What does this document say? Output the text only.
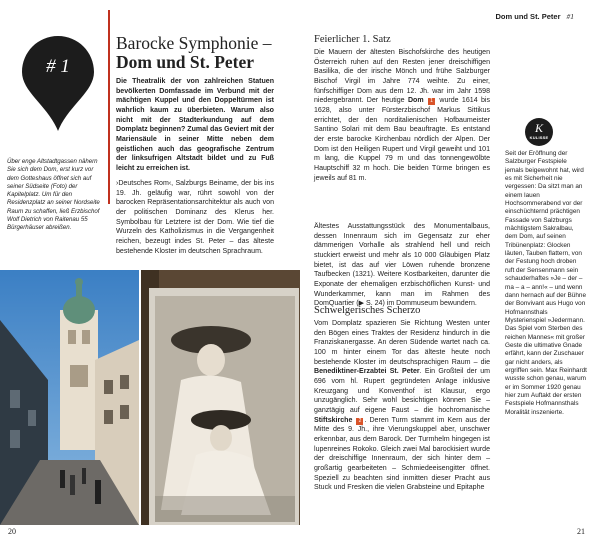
# 1
Über enge Altstadtgassen nähern Sie sich dem Dom, erst kurz vor dem Gotteshaus öffnet sich auf seiner Südseite (Foto) der Kapitelplatz. Um für den Residenzplatz an seiner Nordseite Raum zu schaffen, ließ Erzbischof Wolf Dietrich von Raitenau 55 Bürgerhäuser abreißen.
Barocke Symphonie –
Dom und St. Peter
Die Theatralik der von zahlreichen Statuen bevölkerten Domfassade im Verbund mit der mächtigen Kuppel und den Doppeltürmen ist wahrlich kaum zu überbieten. Warum also nicht mit der Stadterkundung auf dem Domplatz beginnen? Zumal das Geviert mit der Mariensäule in seiner Mitte neben dem geistlichen auch das geografische Zentrum der linksufrigen Altstadt bildet und zu Fuß leicht zu erreichen ist.
›Deutsches Rom‹, Salzburgs Beiname, der bis ins 19. Jh. geläufig war, rührt sowohl von der barocken Repräsentationsarchitektur als auch von der politischen Dominanz des Klerus her. Symbolbau für Letztere ist der Dom. Wie tief die Wurzeln des Katholizismus in die Vergangenheit reichen, bezeugt indes St. Peter – das älteste bestehende Kloster im deutschen Sprachraum.
20
Dom und St. Peter #1
Feierlicher 1. Satz
Die Mauern der ältesten Bischofskirche des heutigen Österreich ruhen auf den Resten jener dreischiffigen Basilika, die der irische Mönch und frühe Salzburger Bischof Virgil im Jahre 774 weihte. Zu einer, fünfschiffiger Dom aus dem 12. Jh. war im Jahr 1598 niedergebrannt. Der heutige Dom 1 wurde 1614 bis 1628, also unter Fürsterzbischof Markus Sittikus errichtet, der den norditalienischen Hofbaumeister Santino Solari mit dem Bau beauftragte. Es entstand der erste barocke Kirchenbau nördlich der Alpen. Der Dom ist den Heiligen Rupert und Virgil geweiht und 101 m lang, die Kuppel 79 m und das tonnengewölbte Hauptschiff 32 m hoch. Die beiden Türme bringen es jeweils auf 81 m.
Ältestes Ausstattungsstück des Monumentalbaus, dessen Innenraum sich im Gegensatz zur eher dämmerigen Vorhalle als strahlend hell und reich stuckiert erweist und mehr als 10 000 Gläubigen Platz bietet, ist das auf vier Löwen ruhende bronzene Taufbecken (1321). Weitere Kostbarkeiten, darunter die Exponate der ehemaligen erzbischöflichen Kunst- und Wunderkammer, kann man im Rahmen des DomQuartier (▶ S. 24) im Dommuseum bewundern.
Schwelgerisches Scherzo
Vom Domplatz spazieren Sie Richtung Westen unter den Bögen eines Traktes der Residenz hindurch in die Franziskanergasse. An deren Südende wartet nach ca. 100 m hinter einem Tor das älteste heute noch bestehende Kloster im deutschsprachigen Raum – die Benediktiner-Erzabtei St. Peter. Ein Großteil der um 696 vom hl. Rupert gegründeten Anlage inklusive Kreuzgang und Konventhof ist Klausur, ergo unzugänglich. Sehr wohl besichtigen können Sie – ganztägig auf eigene Faust – die hochromanische Stiftskirche 2 . Deren Turm stammt im Kern aus der Mitte des 9. Jh., ihre Vierungskuppel aber, unschwer erkennbar, aus dem Barock. Der Turmhelm hingegen ist lupenreines Rokoko. Gleich zwei Mal barockisiert wurde der dreischiffige Innenraum, der sich hinter dem – großartig gearbeiteten – Schmiedeeisengitter öffnet. Speziell zu beachten sind inmitten dieser Pracht aus Stuck und Fresken die vielen Grabsteine und Epitaphe
K
KULISSE
Seit der Eröffnung der Salzburger Festspiele jemals beigewohnt hat, wird es mit Sicherheit nie vergessen: Da sitzt man an einem lauen Hochsommerabend vor der einschüchternd prächtigen Fassade von Salzburgs mächtigstem Sakralbau, dem Dom, auf seinen Tribünenplatz: Glocken läuten, Tauben flattern, von der Festung hoch droben ruft der Sensenmann sein schauderhaftes »Je – der – ma – a – ann!« – und wenn dann hernach auf der Bühne der Bonvivant aus Hugo von Hofmannsthals Mysterienspiel »Jedermann. Das Spiel vom Sterben des reichen Mannes« mit großer Geste die ultimative Gnade erfährt, kann der Zuschauer gar nicht anders, als ergriffen sein. Max Reinhardt wusste schon genau, warum er im Sommer 1920 genau hier zum Auftakt der ersten Festspiele Hofmannsthals Moralität inszenierte.
21
